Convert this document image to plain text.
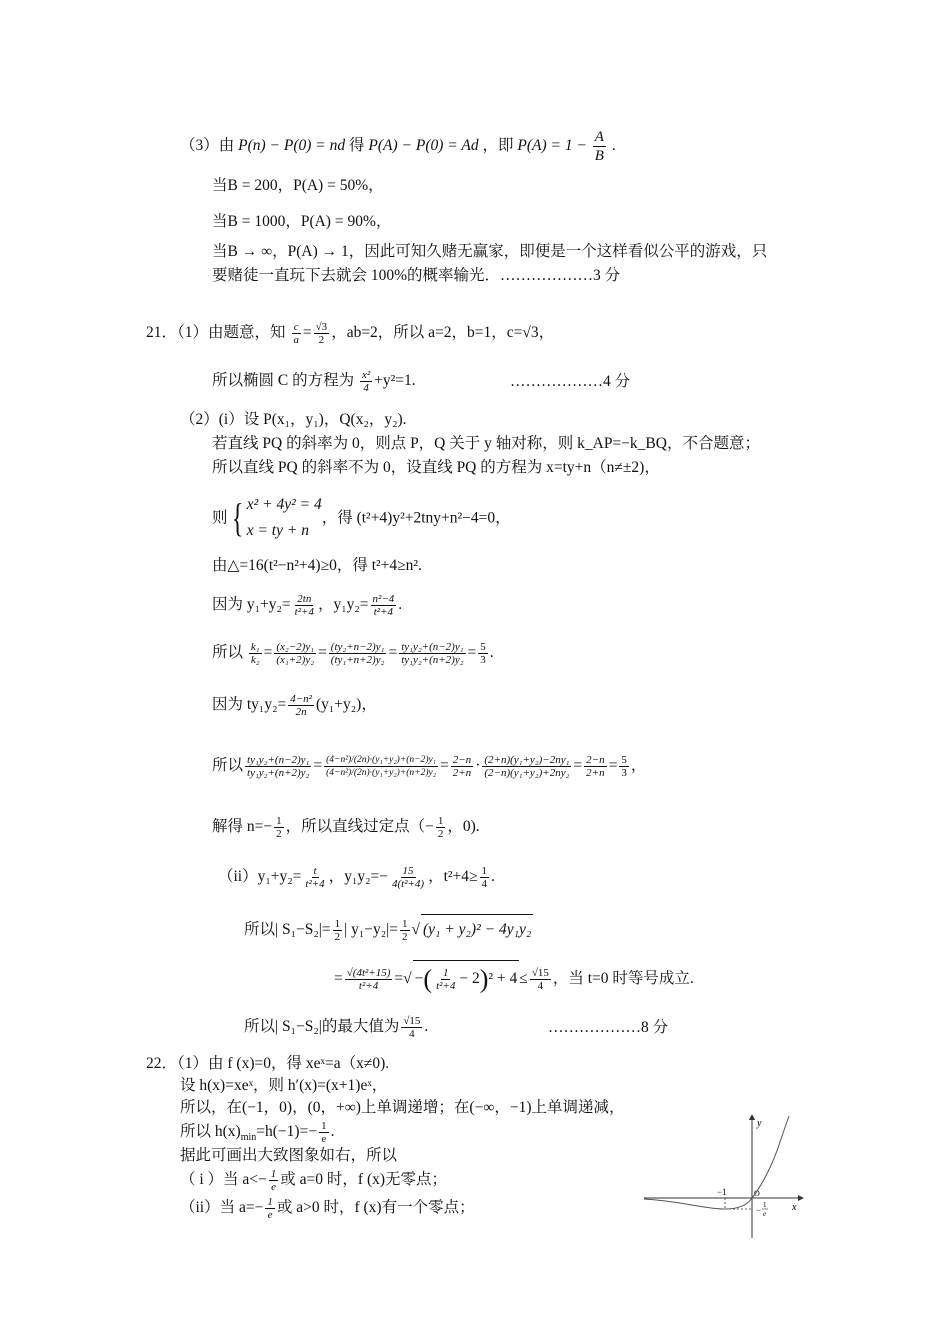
（3）由 P(n) − P(0) = nd 得 P(A) − P(0) = Ad ，即 $P(A) = 1 - \frac{A}{B}$ .
当B = 200，P(A) = 50%，
当B = 1000，P(A) = 90%，
当B → ∞，P(A) → 1，因此可知久赌无赢家，即便是一个这样看似公平的游戏，只
要赌徒一直玩下去就会 100%的概率输光．………………3 分
21．（1）由题意，知 $\frac{c}{a} = \frac{√3}{2}$ ，ab=2，所以 a=2，b=1，c=√3，
所以椭圆 C 的方程为 $\frac{\text{x²}}{4} +y^2=1$.	………………4 分
（2）(i）设 P(x₁，y₁)，Q(x₂，y₂).
若直线 PQ 的斜率为 0，则点 P，Q 关于 y 轴对称，则 k_AP=−k_BQ，不合题意；
所以直线 PQ 的斜率不为 0，设直线 PQ 的方程为 x=ty+n（n≠±2)，
则{ x² + 4y² = 4
x = ty + n
，得 (t²+4)y²+2tny+n²−4=0，
由△=16(t²−n²+4)≥0，得 t²+4≥n².
因为 $y_1+y_2= \frac{2tn}{\text{t²+4}}$ ，$y_1y_2= \frac{\text{n²−4}}{\text{t²+4}}$ .
所以 $\frac{\text{k₁}}{\text{k₂}} = \frac{\text{(x₂−2)y₁}}{\text{(x₁+2)y₂}} = \frac{\text{(ty₂+n−2)y₁}}{\text{(ty₁+n+2)y₂}} = \frac{\text{ty₁y₂+(n−2)y₁}}{\text{ty₁y₂+(n+2)y₂}} = \frac{5}{3}$ .
因为 $ty_1y_2= \frac{\text{4−n²}}{2n} (y_1+y_2)$，
所以 $\frac{\text{ty₁y₂+(n−2)y₁}}{\text{ty₁y₂+(n+2)y₂}} = \frac{\text{(4−n²)/(2n)·(y₁+y₂)+(n−2)y₁}}{\text{(4−n²)/(2n)·(y₁+y₂)+(n+2)y₂}} = \frac{2-n}{2+n} \cdot \frac{\text{(2+n)(y₁+y₂)−2ny₁}}{\text{(2−n)(y₁+y₂)+2ny₂}} = \frac{2-n}{2+n} = \frac{5}{3}$ ，
解得 $n=- \frac{1}{2}$ ，所以直线过定点（− $\frac{1}{2}$ ，0).
$(ii)y_1+y_2= \frac{t}{\text{t²+4}}$ ，$y_1y_2=- \frac{15}{\text{4(t²+4)}}$ ，$t^2+4\ge \frac{1}{4}$ .
所以| $S_1-S_2|= \frac{1}{2}$ | $y_1-y_2|= \frac{1}{2}$ √ (y₁ + y₂)² − 4y₁y₂
= $\frac{\text{√(4t²+15)}}{\text{t²+4}}$ =√ −( $\frac{1}{\text{t²+4}} - 2)^2 + 4 \le \frac{√15}{4}$ ，当 t=0 时等号成立.
所以| S₁−S₂|的最大值为 $\frac{√15}{4}$ .	………………8 分
22．（1）由 f (x)=0，得 xeˣ=a（x≠0).
设 h(x)=xeˣ，则 h′(x)=(x+1)eˣ，
所以，在(−1，0)，(0，+∞)上单调递增；在(−∞，−1)上单调递减，
所以 $h(x)_{min}=h(-1)=- \frac{1}{e}$ .
据此可画出大致图象如右，所以
（ i ）当 $a<- \frac{1}{e}$ 或 a=0 时，f (x)无零点；
（ii）当 $a=- \frac{1}{e}$ 或 a>0 时，f (x)有一个零点；
y
x
O
−1
− 1
e
